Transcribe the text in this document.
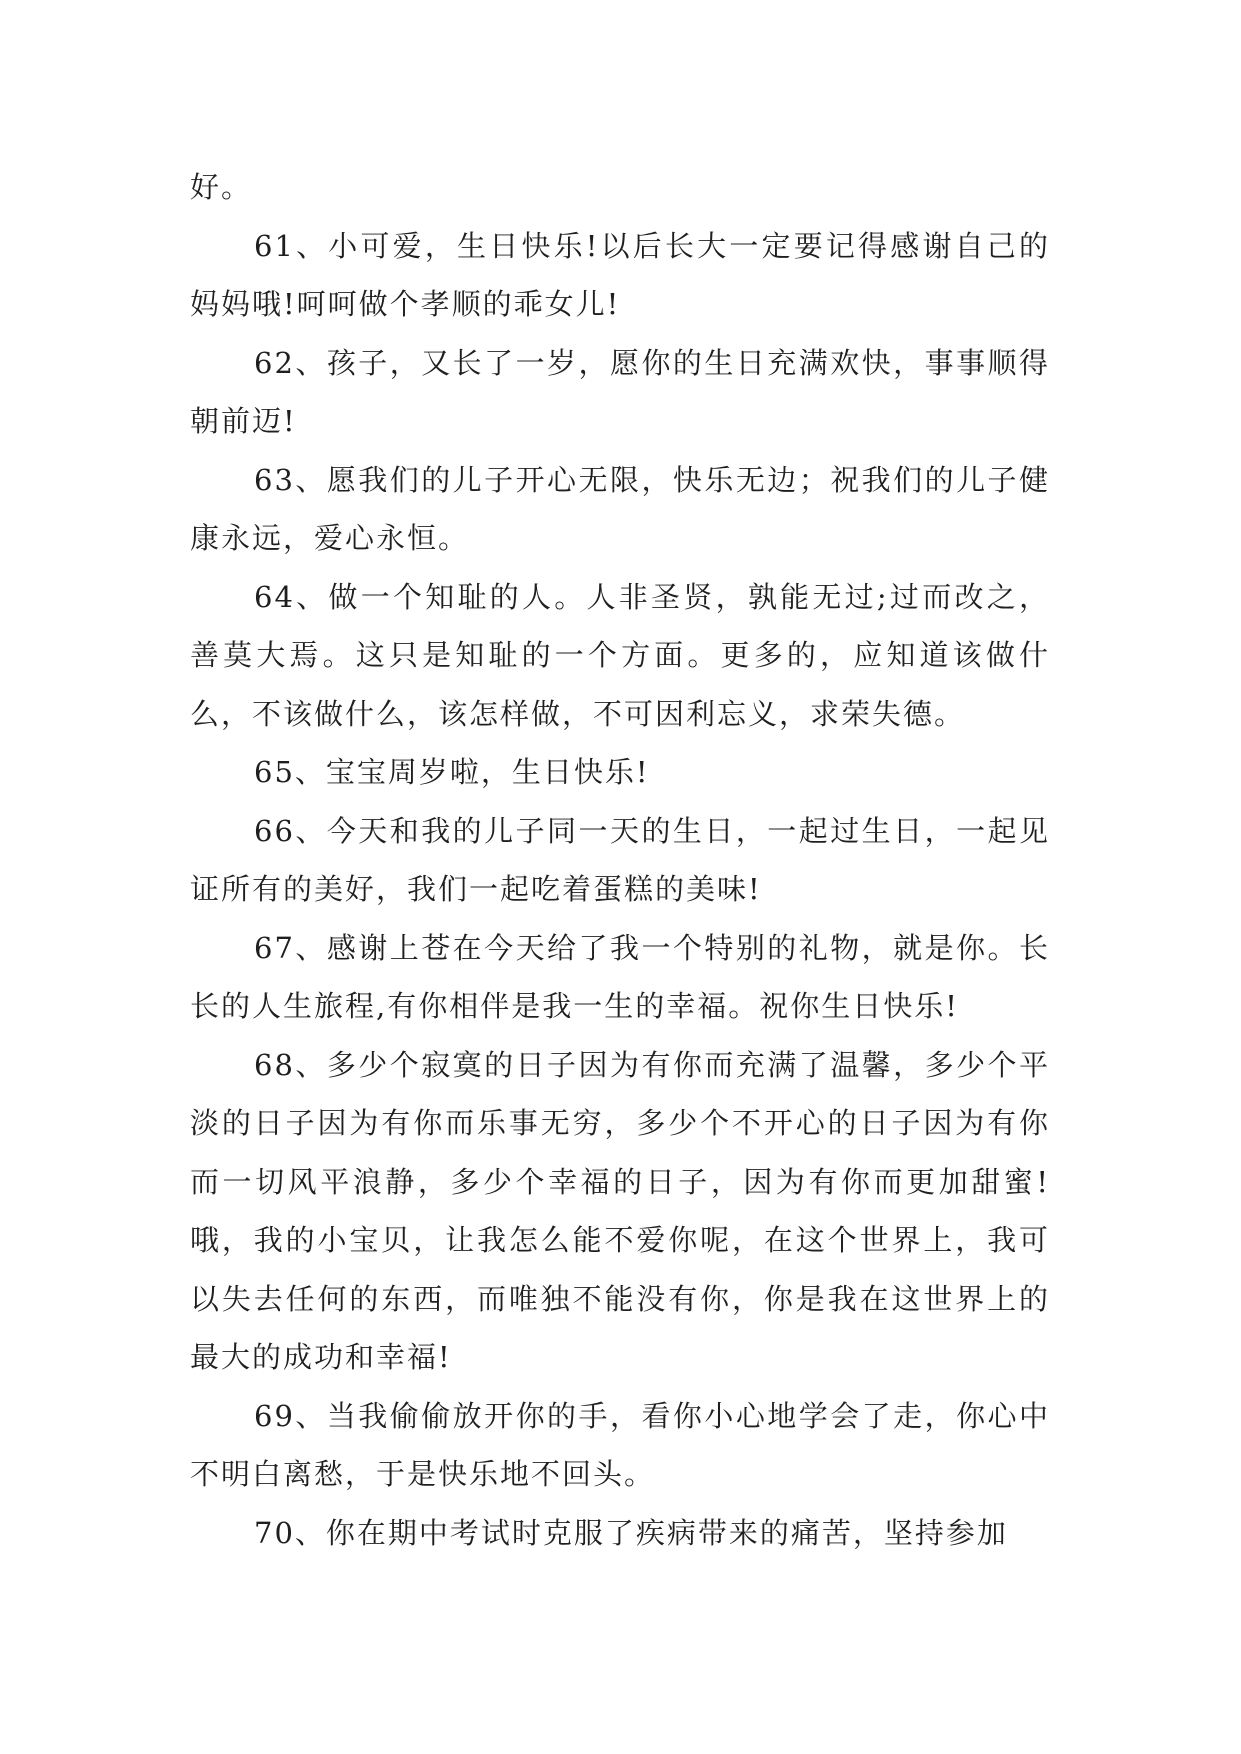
好。

61、小可爱，生日快乐!以后长大一定要记得感谢自己的妈妈哦!呵呵做个孝顺的乖女儿!

62、孩子，又长了一岁，愿你的生日充满欢快，事事顺得朝前迈!

63、愿我们的儿子开心无限，快乐无边；祝我们的儿子健康永远，爱心永恒。

64、做一个知耻的人。人非圣贤，孰能无过;过而改之，善莫大焉。这只是知耻的一个方面。更多的，应知道该做什么，不该做什么，该怎样做，不可因利忘义，求荣失德。

65、宝宝周岁啦，生日快乐!

66、今天和我的儿子同一天的生日，一起过生日，一起见证所有的美好，我们一起吃着蛋糕的美味!

67、感谢上苍在今天给了我一个特别的礼物，就是你。长长的人生旅程,有你相伴是我一生的幸福。祝你生日快乐!

68、多少个寂寞的日子因为有你而充满了温馨，多少个平淡的日子因为有你而乐事无穷，多少个不开心的日子因为有你而一切风平浪静，多少个幸福的日子，因为有你而更加甜蜜!哦，我的小宝贝，让我怎么能不爱你呢，在这个世界上，我可以失去任何的东西，而唯独不能没有你，你是我在这世界上的最大的成功和幸福!

69、当我偷偷放开你的手，看你小心地学会了走，你心中不明白离愁，于是快乐地不回头。

70、你在期中考试时克服了疾病带来的痛苦，坚持参加
